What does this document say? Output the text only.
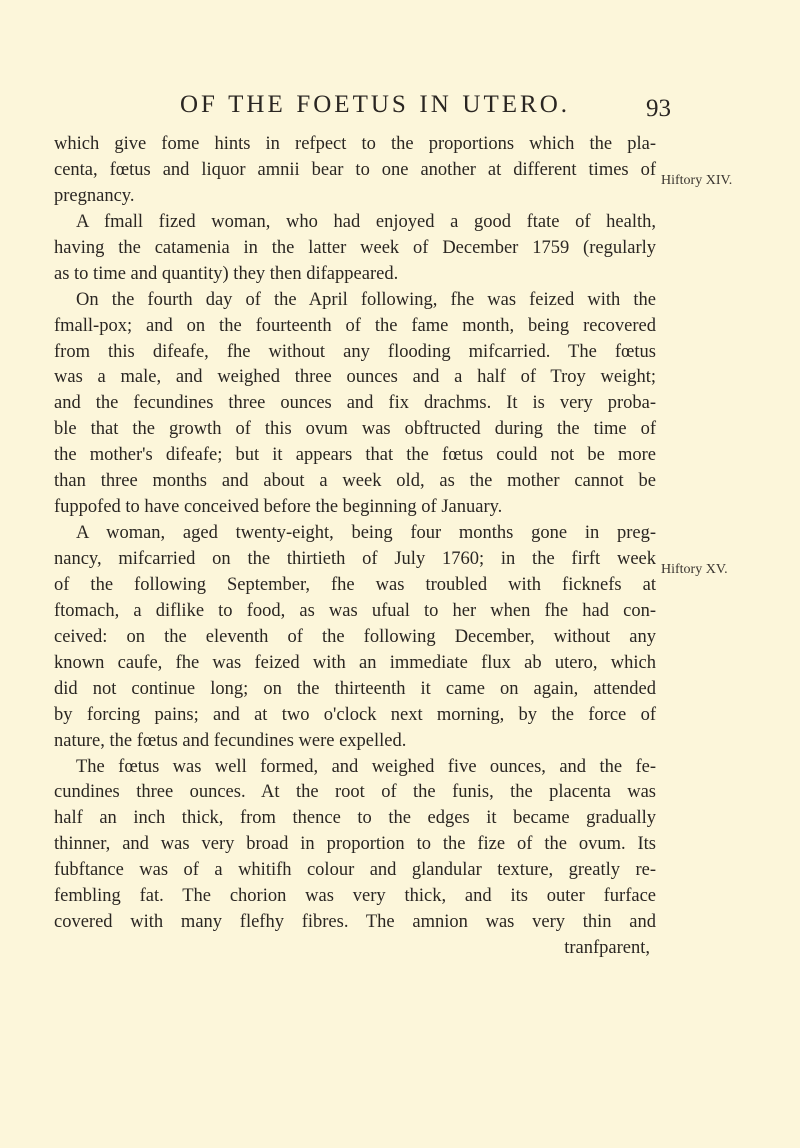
OF THE FOETUS IN UTERO.	93
Hiftory XIV.
Hiftory XV.
which give fome hints in refpect to the proportions which the pla-
centa, fœtus and liquor amnii bear to one another at different times of
pregnancy.
A fmall fized woman, who had enjoyed a good ftate of health,
having the catamenia in the latter week of December 1759 (regularly
as to time and quantity) they then difappeared.
On the fourth day of the April following, fhe was feized with the
fmall-pox; and on the fourteenth of the fame month, being recovered
from this difeafe, fhe without any flooding mifcarried. The fœtus
was a male, and weighed three ounces and a half of Troy weight;
and the fecundines three ounces and fix drachms. It is very proba-
ble that the growth of this ovum was obftructed during the time of
the mother's difeafe; but it appears that the fœtus could not be more
than three months and about a week old, as the mother cannot be
fuppofed to have conceived before the beginning of January.
A woman, aged twenty-eight, being four months gone in preg-
nancy, mifcarried on the thirtieth of July 1760; in the firft week
of the following September, fhe was troubled with ficknefs at
ftomach, a diflike to food, as was ufual to her when fhe had con-
ceived: on the eleventh of the following December, without any
known caufe, fhe was feized with an immediate flux ab utero, which
did not continue long; on the thirteenth it came on again, attended
by forcing pains; and at two o'clock next morning, by the force of
nature, the fœtus and fecundines were expelled.
The fœtus was well formed, and weighed five ounces, and the fe-
cundines three ounces. At the root of the funis, the placenta was
half an inch thick, from thence to the edges it became gradually
thinner, and was very broad in proportion to the fize of the ovum. Its
fubftance was of a whitifh colour and glandular texture, greatly re-
fembling fat. The chorion was very thick, and its outer furface
covered with many flefhy fibres. The amnion was very thin and
tranfparent,
